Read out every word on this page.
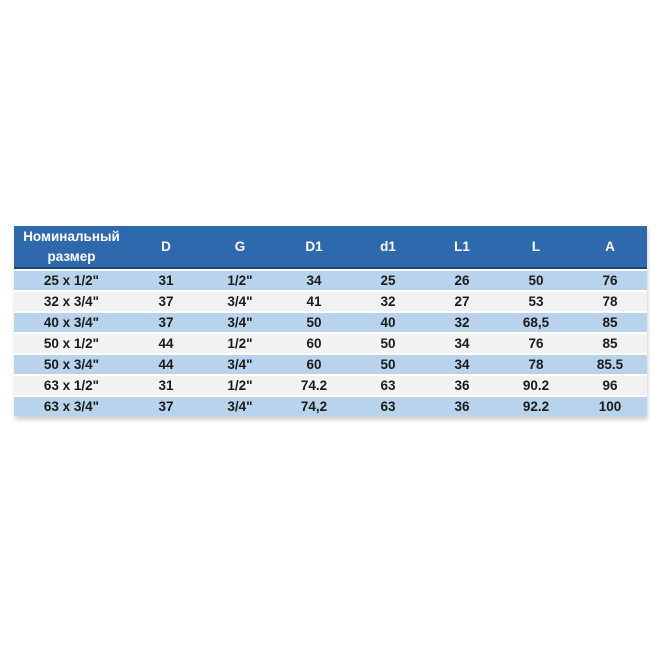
Номинальный
размер	D	G	D1	d1	L1	L	A
25 x 1/2"	31	1/2"	34	25	26	50	76
32 x 3/4"	37	3/4"	41	32	27	53	78
40 x 3/4"	37	3/4"	50	40	32	68,5	85
50 x 1/2"	44	1/2"	60	50	34	76	85
50 x 3/4"	44	3/4"	60	50	34	78	85.5
63 x 1/2"	31	1/2"	74.2	63	36	90.2	96
63 x 3/4"	37	3/4"	74,2	63	36	92.2	100
